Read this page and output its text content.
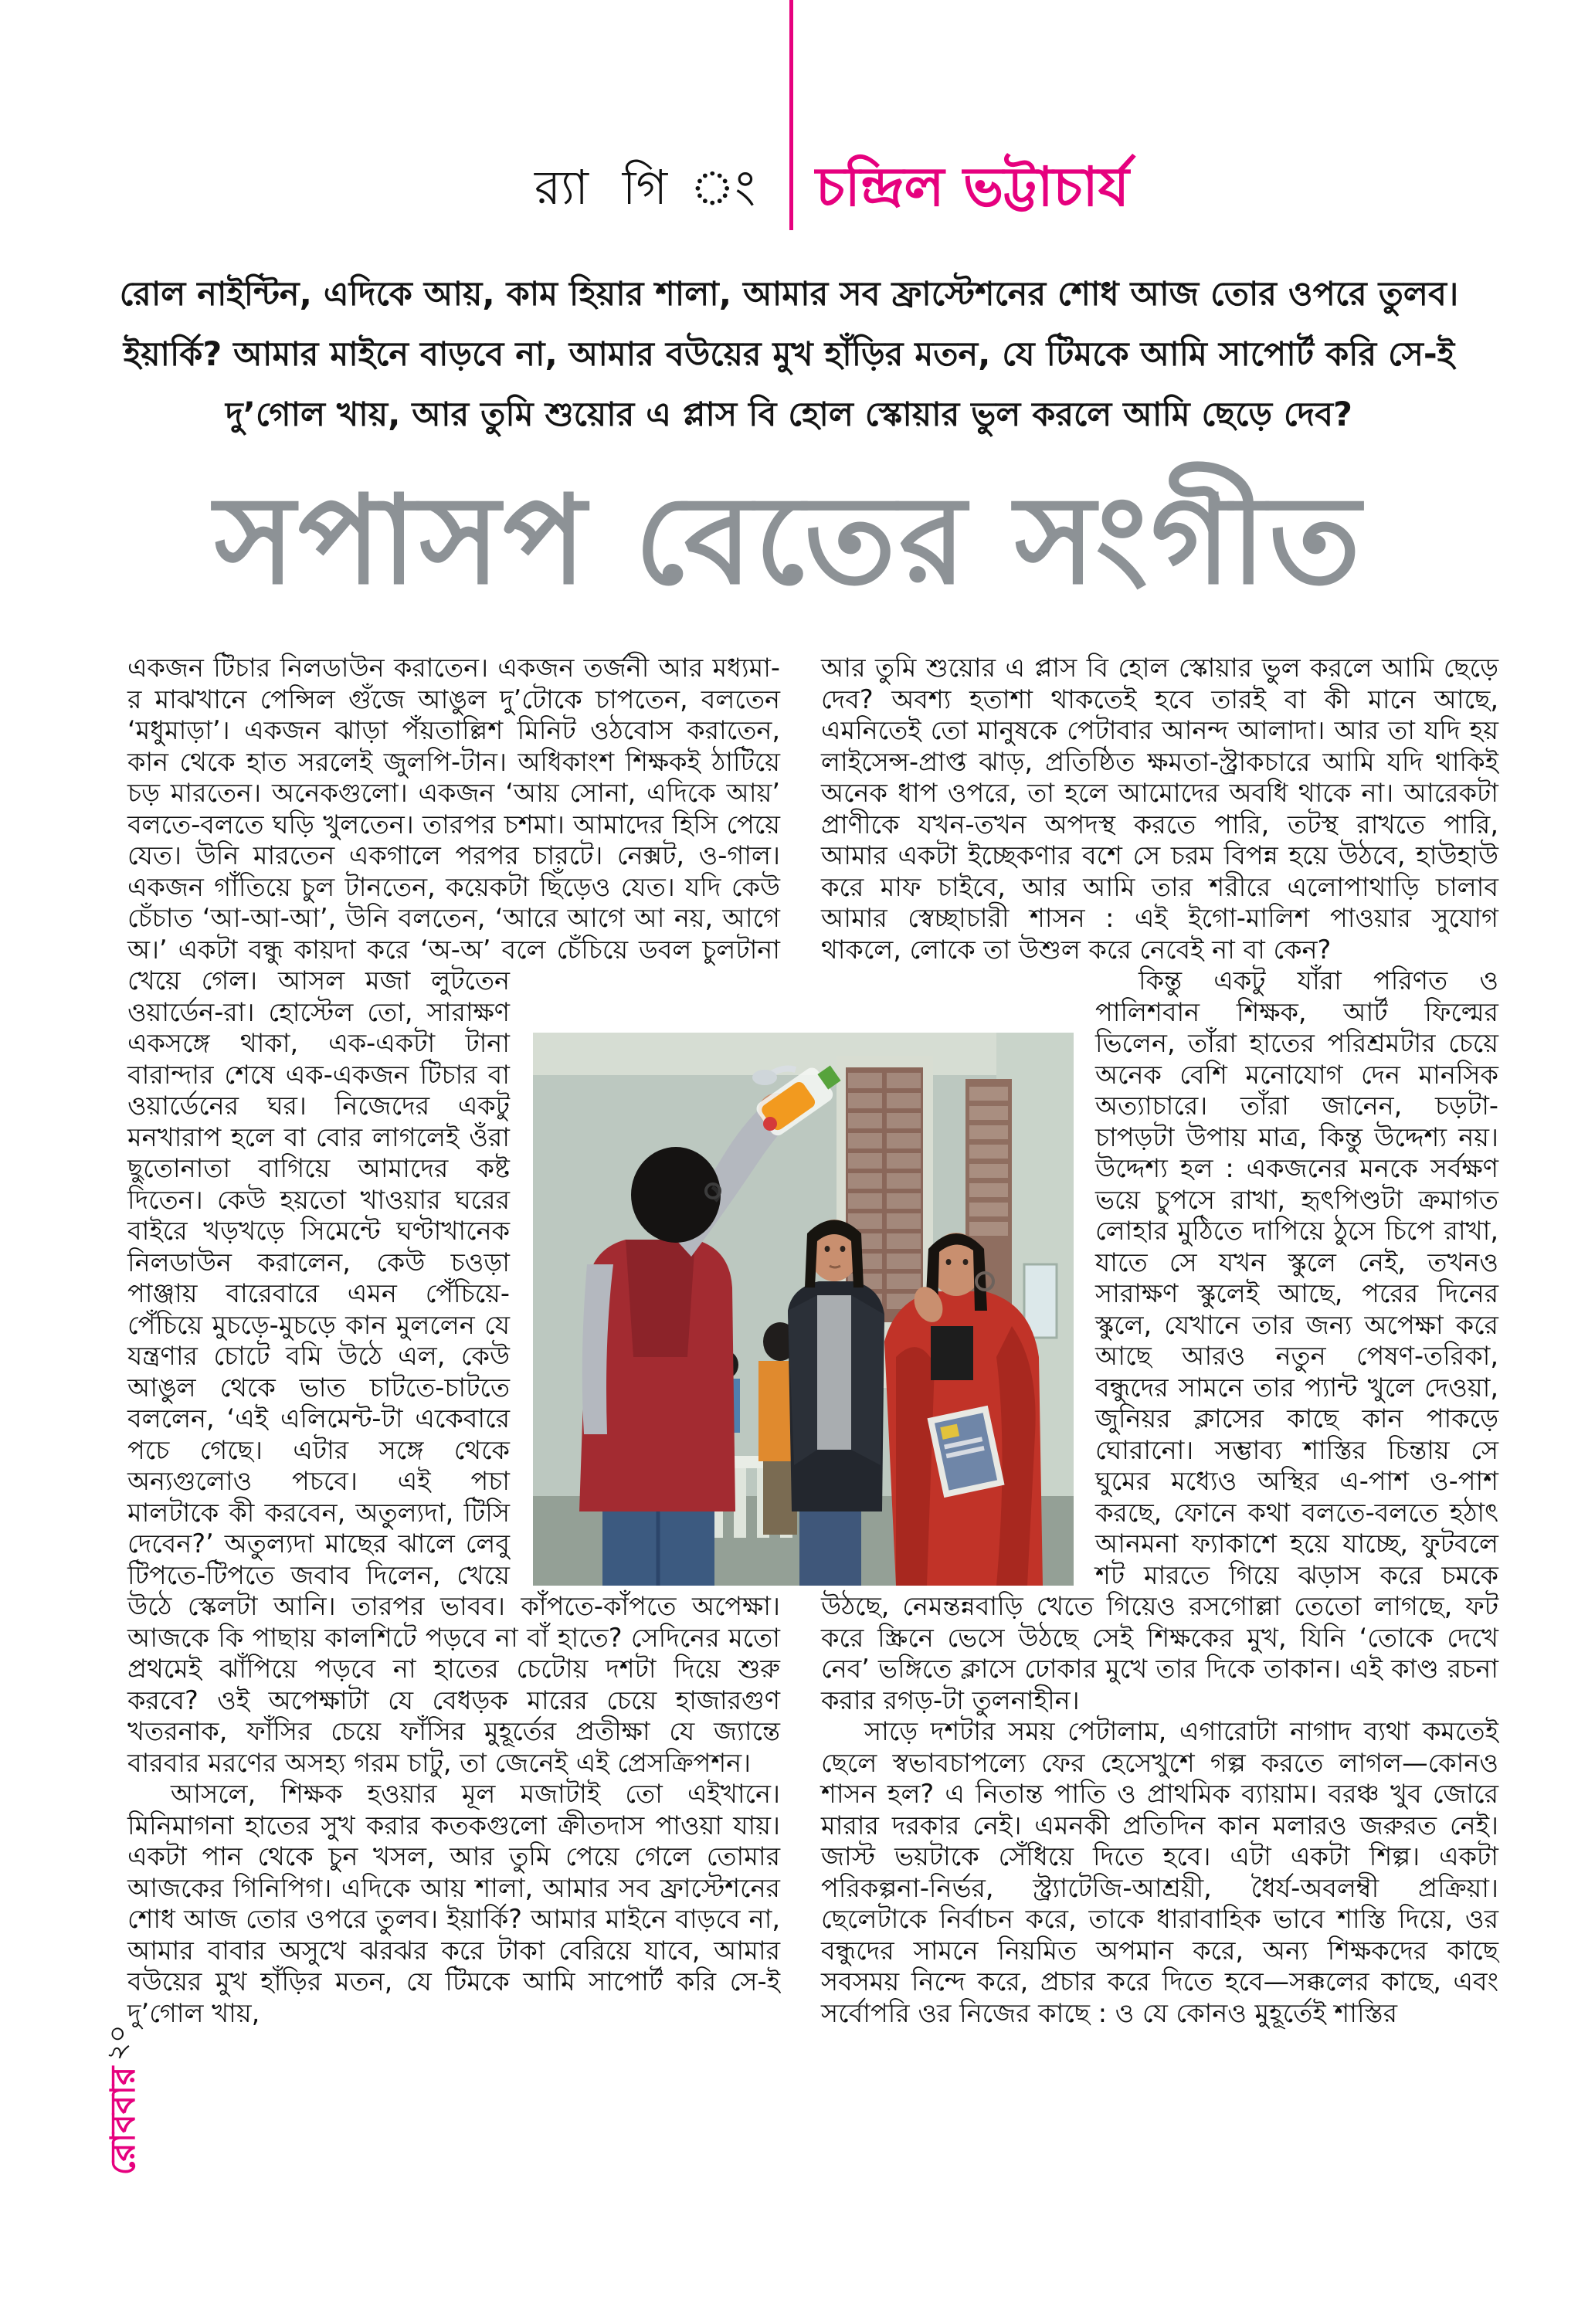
র‍্যা গি ং চন্দ্রিল ভট্টাচার্য
রোল নাইন্টিন, এদিকে আয়, কাম হিয়ার শালা, আমার সব ফ্রাস্টেশনের শোধ আজ তোর ওপরে তুলব।
ইয়ার্কি? আমার মাইনে বাড়বে না, আমার বউয়ের মুখ হাঁড়ির মতন, যে টিমকে আমি সাপোর্ট করি সে-ই
দু’গোল খায়, আর তুমি শুয়োর এ প্লাস বি হোল স্কোয়ার ভুল করলে আমি ছেড়ে দেব?
সপাসপ বেতের সংগীত

একজন টিচার নিলডাউন করাতেন। একজন তর্জনী আর মধ্যমা-র মাঝখানে পেন্সিল গুঁজে আঙুল দু’টোকে চাপতেন, বলতেন ‘মধুমাড়া’। একজন ঝাড়া পঁয়তাল্লিশ মিনিট ওঠবোস করাতেন, কান থেকে হাত সরলেই জুলপি-টান। অধিকাংশ শিক্ষকই ঠাটিয়ে চড় মারতেন। অনেকগুলো। একজন ‘আয় সোনা, এদিকে আয়’ বলতে-বলতে ঘড়ি খুলতেন। তারপর চশমা। আমাদের হিসি পেয়ে যেত। উনি মারতেন একগালে পরপর চারটে। নেক্সট, ও-গাল। একজন গাঁতিয়ে চুল টানতেন, কয়েকটা ছিঁড়েও যেত। যদি কেউ চেঁচাত ‘আ-আ-আ’, উনি বলতেন, ‘আরে আগে আ নয়, আগে অ।’ একটা বন্ধু কায়দা করে ‘অ-অ’ বলে চেঁচিয়ে ডবল চুলটানা খেয়ে গেল। আসল মজা লুটতেন ওয়ার্ডেন-রা। হোস্টেল তো, সারাক্ষণ একসঙ্গে থাকা, এক-একটা টানা বারান্দার শেষে এক-একজন টিচার বা ওয়ার্ডেনের ঘর। নিজেদের একটু মনখারাপ হলে বা বোর লাগলেই ওঁরা ছুতোনাতা বাগিয়ে আমাদের কষ্ট দিতেন। কেউ হয়তো খাওয়ার ঘরের বাইরে খড়খড়ে সিমেন্টে ঘণ্টাখানেক নিলডাউন করালেন, কেউ চওড়া পাঞ্জায় বারেবারে এমন পেঁচিয়ে-পেঁচিয়ে মুচড়ে-মুচড়ে কান মুললেন যে যন্ত্রণার চোটে বমি উঠে এল, কেউ আঙুল থেকে ভাত চাটতে-চাটতে বললেন, ‘এই এলিমেন্ট-টা একেবারে পচে গেছে। এটার সঙ্গে থেকে অন্যগুলোও পচবে। এই পচা মালটাকে কী করবেন, অতুল্যদা, টিসি দেবেন?’ অতুল্যদা মাছের ঝালে লেবু টিপতে-টিপতে জবাব দিলেন, খেয়ে উঠে স্কেলটা আনি। তারপর ভাবব। কাঁপতে-কাঁপতে অপেক্ষা। আজকে কি পাছায় কালশিটে পড়বে না বাঁ হাতে? সেদিনের মতো প্রথমেই ঝাঁপিয়ে পড়বে না হাতের চেটোয় দশটা দিয়ে শুরু করবে? ওই অপেক্ষাটা যে বেধড়ক মারের চেয়ে হাজারগুণ খতরনাক, ফাঁসির চেয়ে ফাঁসির মুহূর্তের প্রতীক্ষা যে জ্যান্তে বারবার মরণের অসহ্য গরম চাটু, তা জেনেই এই প্রেসক্রিপশন।

আসলে, শিক্ষক হওয়ার মূল মজাটাই তো এইখানে। মিনিমাগনা হাতের সুখ করার কতকগুলো ক্রীতদাস পাওয়া যায়। একটা পান থেকে চুন খসল, আর তুমি পেয়ে গেলে তোমার আজকের গিনিপিগ। এদিকে আয় শালা, আমার সব ফ্রাস্টেশনের শোধ আজ তোর ওপরে তুলব। ইয়ার্কি? আমার মাইনে বাড়বে না, আমার বাবার অসুখে ঝরঝর করে টাকা বেরিয়ে যাবে, আমার বউয়ের মুখ হাঁড়ির মতন, যে টিমকে আমি সাপোর্ট করি সে-ই দু’গোল খায়,

আর তুমি শুয়োর এ প্লাস বি হোল স্কোয়ার ভুল করলে আমি ছেড়ে দেব? অবশ্য হতাশা থাকতেই হবে তারই বা কী মানে আছে, এমনিতেই তো মানুষকে পেটাবার আনন্দ আলাদা। আর তা যদি হয় লাইসেন্স-প্রাপ্ত ঝাড়, প্রতিষ্ঠিত ক্ষমতা-স্ট্রাকচারে আমি যদি থাকিই অনেক ধাপ ওপরে, তা হলে আমোদের অবধি থাকে না। আরেকটা প্রাণীকে যখন-তখন অপদস্থ করতে পারি, তটস্থ রাখতে পারি, আমার একটা ইচ্ছেকণার বশে সে চরম বিপন্ন হয়ে উঠবে, হাউহাউ করে মাফ চাইবে, আর আমি তার শরীরে এলোপাথাড়ি চালাব আমার স্বেচ্ছাচারী শাসন : এই ইগো-মালিশ পাওয়ার সুযোগ থাকলে, লোকে তা উশুল করে নেবেই না বা কেন?

কিন্তু একটু যাঁরা পরিণত ও পালিশবান শিক্ষক, আর্ট ফিল্মের ভিলেন, তাঁরা হাতের পরিশ্রমটার চেয়ে অনেক বেশি মনোযোগ দেন মানসিক অত্যাচারে। তাঁরা জানেন, চড়টা-চাপড়টা উপায় মাত্র, কিন্তু উদ্দেশ্য নয়। উদ্দেশ্য হল : একজনের মনকে সর্বক্ষণ ভয়ে চুপসে রাখা, হৃৎপিণ্ডটা ক্রমাগত লোহার মুঠিতে দাপিয়ে ঠুসে চিপে রাখা, যাতে সে যখন স্কুলে নেই, তখনও সারাক্ষণ স্কুলেই আছে, পরের দিনের স্কুলে, যেখানে তার জন্য অপেক্ষা করে আছে আরও নতুন পেষণ-তরিকা, বন্ধুদের সামনে তার প্যান্ট খুলে দেওয়া, জুনিয়র ক্লাসের কাছে কান পাকড়ে ঘোরানো। সম্ভাব্য শাস্তির চিন্তায় সে ঘুমের মধ্যেও অস্থির এ-পাশ ও-পাশ করছে, ফোনে কথা বলতে-বলতে হঠাৎ আনমনা ফ্যাকাশে হয়ে যাচ্ছে, ফুটবলে শট মারতে গিয়ে ঝড়াস করে চমকে উঠছে, নেমন্তন্নবাড়ি খেতে গিয়েও রসগোল্লা তেতো লাগছে, ফট করে স্ক্রিনে ভেসে উঠছে সেই শিক্ষকের মুখ, যিনি ‘তোকে দেখে নেব’ ভঙ্গিতে ক্লাসে ঢোকার মুখে তার দিকে তাকান। এই কাণ্ড রচনা করার রগড়-টা তুলনাহীন।

সাড়ে দশটার সময় পেটালাম, এগারোটা নাগাদ ব্যথা কমতেই ছেলে স্বভাবচাপল্যে ফের হেসেখুশে গল্প করতে লাগল—কোনও শাসন হল? এ নিতান্ত পাতি ও প্রাথমিক ব্যায়াম। বরঞ্চ খুব জোরে মারার দরকার নেই। এমনকী প্রতিদিন কান মলারও জরুরত নেই। জাস্ট ভয়টাকে সেঁধিয়ে দিতে হবে। এটা একটা শিল্প। একটা পরিকল্পনা-নির্ভর, স্ট্র্যাটেজি-আশ্রয়ী, ধৈর্য-অবলম্বী প্রক্রিয়া। ছেলেটাকে নির্বাচন করে, তাকে ধারাবাহিক ভাবে শাস্তি দিয়ে, ওর বন্ধুদের সামনে নিয়মিত অপমান করে, অন্য শিক্ষকদের কাছে সবসময় নিন্দে করে, প্রচার করে দিতে হবে—সক্কলের কাছে, এবং সর্বোপরি ওর নিজের কাছে : ও যে কোনও মুহূর্তেই শাস্তির

২০
রোববার
